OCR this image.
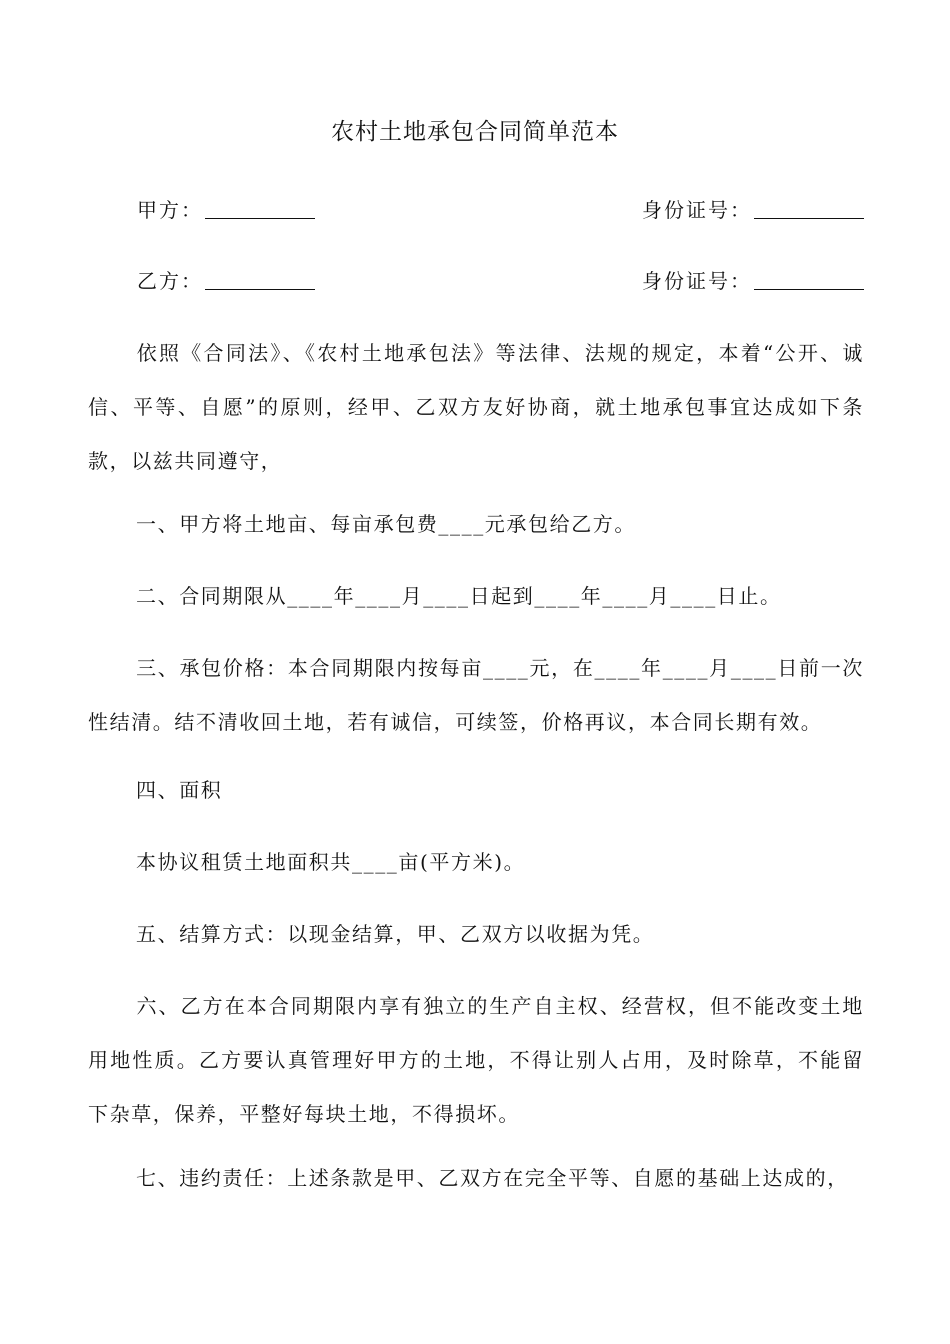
农村土地承包合同简单范本
甲方：	身份证号：
乙方：	身份证号：

依照《合同法》、《农村土地承包法》等法律、法规的规定，本着“公开、诚信、平等、自愿”的原则，经甲、乙双方友好协商，就土地承包事宜达成如下条款，以兹共同遵守，

一、甲方将土地亩、每亩承包费____元承包给乙方。

二、合同期限从____年____月____日起到____年____月____日止。

三、承包价格：本合同期限内按每亩____元，在____年____月____日前一次性结清。结不清收回土地，若有诚信，可续签，价格再议，本合同长期有效。

四、面积

本协议租赁土地面积共____亩(平方米)。

五、结算方式：以现金结算，甲、乙双方以收据为凭。

六、乙方在本合同期限内享有独立的生产自主权、经营权，但不能改变土地用地性质。乙方要认真管理好甲方的土地，不得让别人占用，及时除草，不能留下杂草，保养，平整好每块土地，不得损坏。

七、违约责任：上述条款是甲、乙双方在完全平等、自愿的基础上达成的，
